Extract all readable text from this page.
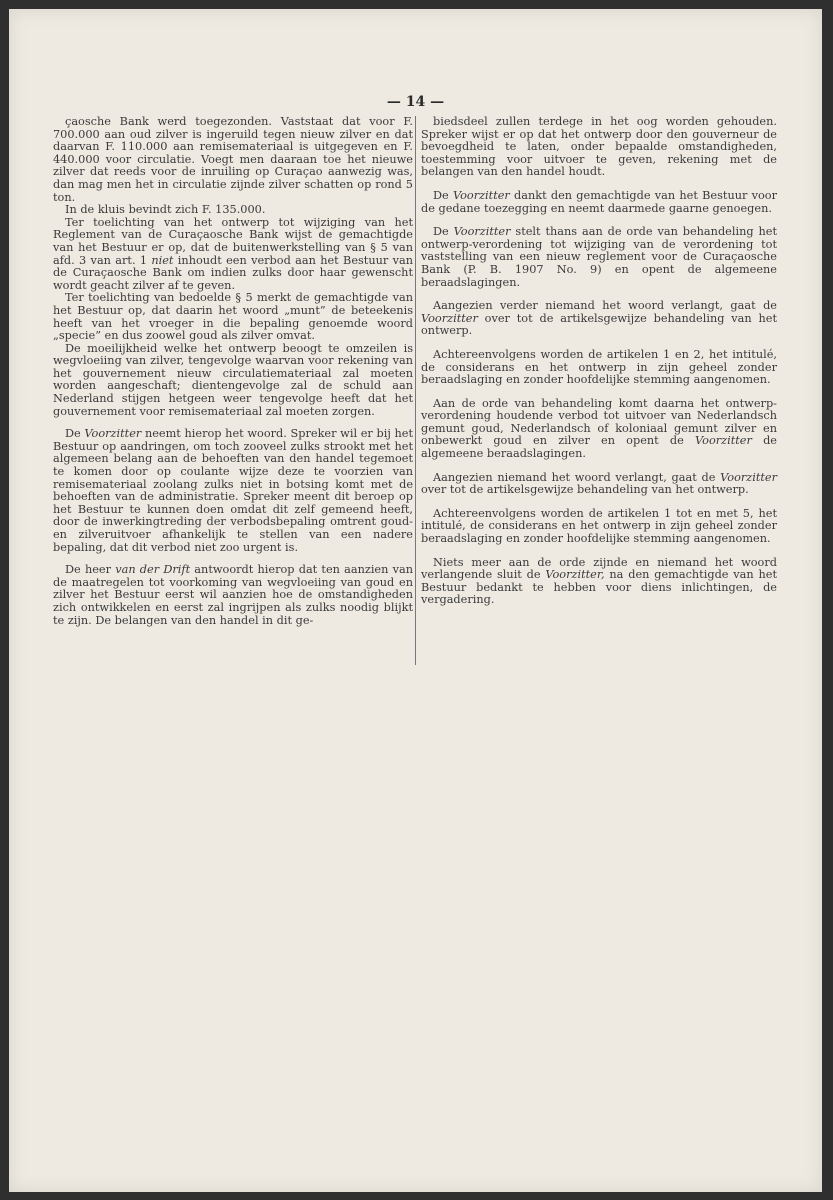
— 14 —

çaosche Bank werd toegezonden. Vaststaat dat voor F. 700.000 aan oud zilver is ingeruild tegen nieuw zilver en dat daarvan F. 110.000 aan remisemateriaal is uitgegeven en F. 440.000 voor circulatie. Voegt men daaraan toe het nieuwe zilver dat reeds voor de inruiling op Curaçao aanwezig was, dan mag men het in circulatie zijnde zilver schatten op rond 5 ton.

In de kluis bevindt zich F. 135.000.

Ter toelichting van het ontwerp tot wijziging van het Reglement van de Curaçaosche Bank wijst de gemachtigde van het Bestuur er op, dat de buitenwerkstelling van § 5 van afd. 3 van art. 1 niet inhoudt een verbod aan het Bestuur van de Curaçaosche Bank om indien zulks door haar gewenscht wordt geacht zilver af te geven.

Ter toelichting van bedoelde § 5 merkt de gemachtigde van het Bestuur op, dat daarin het woord „munt” de beteekenis heeft van het vroeger in die bepaling genoemde woord „specie” en dus zoowel goud als zilver omvat.

De moeilijkheid welke het ontwerp beoogt te omzeilen is wegvloeiing van zilver, tengevolge waarvan voor rekening van het gouvernement nieuw circulatiemateriaal zal moeten worden aangeschaft; dientengevolge zal de schuld aan Nederland stijgen hetgeen weer tengevolge heeft dat het gouvernement voor remisemateriaal zal moeten zorgen.

De Voorzitter neemt hierop het woord. Spreker wil er bij het Bestuur op aandringen, om toch zooveel zulks strookt met het algemeen belang aan de behoeften van den handel tegemoet te komen door op coulante wijze deze te voorzien van remisemateriaal zoolang zulks niet in botsing komt met de behoeften van de administratie. Spreker meent dit beroep op het Bestuur te kunnen doen omdat dit zelf gemeend heeft, door de inwerkingtreding der verbodsbepaling omtrent goud- en zilveruitvoer afhankelijk te stellen van een nadere bepaling, dat dit verbod niet zoo urgent is.

De heer van der Drift antwoordt hierop dat ten aanzien van de maatregelen tot voorkoming van wegvloeiing van goud en zilver het Bestuur eerst wil aanzien hoe de omstandigheden zich ontwikkelen en eerst zal ingrijpen als zulks noodig blijkt te zijn. De belangen van den handel in dit ge-

biedsdeel zullen terdege in het oog worden gehouden. Spreker wijst er op dat het ontwerp door den gouverneur de bevoegdheid te laten, onder bepaalde omstandigheden, toestemming voor uitvoer te geven, rekening met de belangen van den handel houdt.

De Voorzitter dankt den gemachtigde van het Bestuur voor de gedane toezegging en neemt daarmede gaarne genoegen.

De Voorzitter stelt thans aan de orde van behandeling het ontwerp-verordening tot wijziging van de verordening tot vaststelling van een nieuw reglement voor de Curaçaosche Bank (P. B. 1907 No. 9) en opent de algemeene beraadslagingen.

Aangezien verder niemand het woord verlangt, gaat de Voorzitter over tot de artikelsgewijze behandeling van het ontwerp.

Achtereenvolgens worden de artikelen 1 en 2, het intitulé, de considerans en het ontwerp in zijn geheel zonder beraadslaging en zonder hoofdelijke stemming aangenomen.

Aan de orde van behandeling komt daarna het ontwerp-verordening houdende verbod tot uitvoer van Nederlandsch gemunt goud, Nederlandsch of koloniaal gemunt zilver en onbewerkt goud en zilver en opent de Voorzitter de algemeene beraadslagingen.

Aangezien niemand het woord verlangt, gaat de Voorzitter over tot de artikelsgewijze behandeling van het ontwerp.

Achtereenvolgens worden de artikelen 1 tot en met 5, het intitulé, de considerans en het ontwerp in zijn geheel zonder beraadslaging en zonder hoofdelijke stemming aangenomen.

Niets meer aan de orde zijnde en niemand het woord verlangende sluit de Voorzitter, na den gemachtigde van het Bestuur bedankt te hebben voor diens inlichtingen, de vergadering.
